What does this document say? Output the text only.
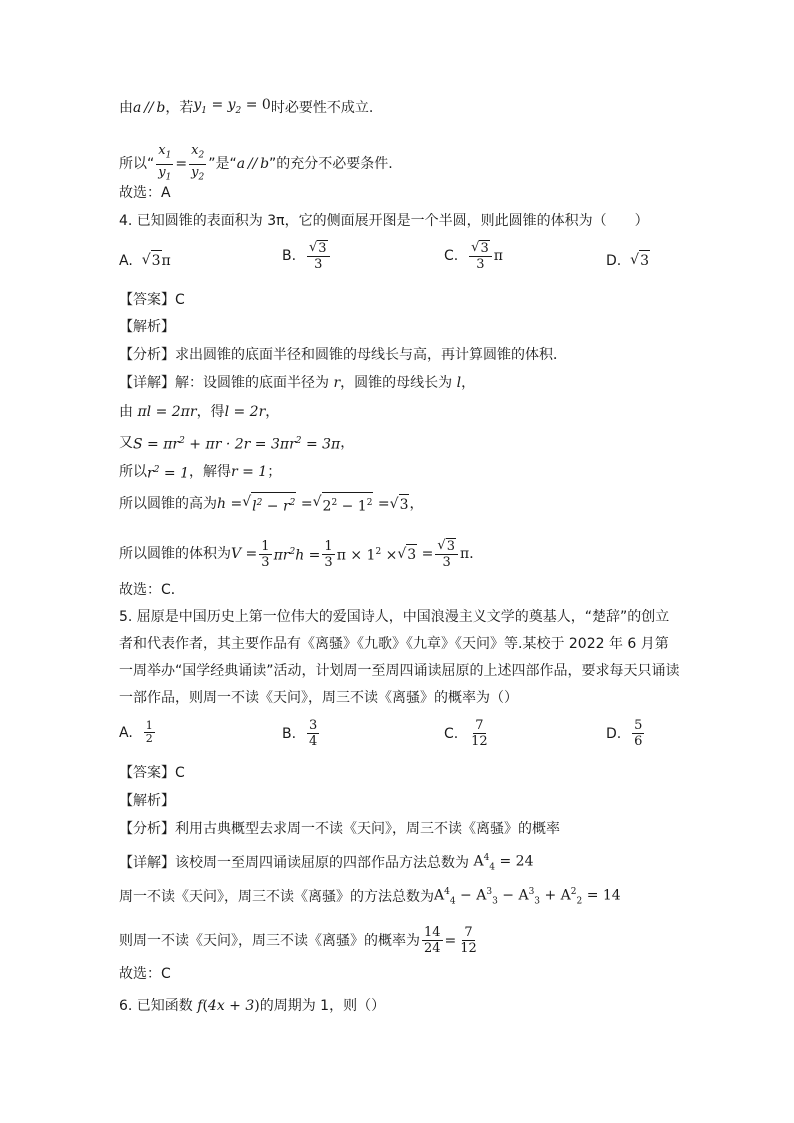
由 a // b ，若 $y_1 = y_2 = 0$ 时必要性不成立.
所以“ $\frac{x_1}{y_1} = \frac{x_2}{y_2}$ ”是“ a // b ”的充分不必要条件.
故选：A
4. 已知圆锥的表面积为 3π，它的侧面展开图是一个半圆，则此圆锥的体积为（　　）
A.
√ 3 π	B.
$\frac{√ 3}{3}$	C.
$\frac{√ 3}{3}$ π	D.
√ 3
【答案】C
【解析】
【分析】求出圆锥的底面半径和圆锥的母线长与高，再计算圆锥的体积．
【详解】解：设圆锥的底面半径为 r ，圆锥的母线长为 l ，
由 πl = 2πr ，得 l = 2r ，
又 $S = \pi r^2 + \pi r \cdot 2r = 3\pi r^2 = 3\pi$ ，
所以 $r^2 = 1$ ，解得 r = 1 ；
所以圆锥的高为 h = √ $l^2 - r^2$ = √ $2^2 - 1^2$ = √ 3 ，
所以圆锥的体积为 $V = \frac{1}{3} \pi r^2h = \frac{1}{3}$ $\pi \times 1^2$ × √ $3 = \frac{√ 3}{3}$ π ．
故选：C．
5. 屈原是中国历史上第一位伟大的爱国诗人，中国浪漫主义文学的奠基人，“楚辞”的创立
者和代表作者，其主要作品有《离骚》《九歌》《九章》《天问》等.某校于 2022 年 6 月第
一周举办“国学经典诵读”活动，计划周一至周四诵读屈原的上述四部作品，要求每天只诵读
一部作品，则周一不读《天问》，周三不读《离骚》的概率为（）
A.
$\frac{1}{2}$	B.
$\frac{3}{4}$	C.
$\frac{7}{12}$	D.
$\frac{5}{6}$
【答案】C
【解析】
【分析】利用古典概型去求周一不读《天问》，周三不读《离骚》的概率
【详解】该校周一至周四诵读屈原的四部作品方法总数为 $A^4_4 = 24$
周一不读《天问》，周三不读《离骚》的方法总数为 $A^4_4 - A^3_3 - A^3_3 + A^2_2 = 14$
则周一不读《天问》，周三不读《离骚》的概率为 $\frac{14}{24} = \frac{7}{12}$
故选：C
6. 已知函数 f ( 4x + 3 ) 的周期为 1，则（）
